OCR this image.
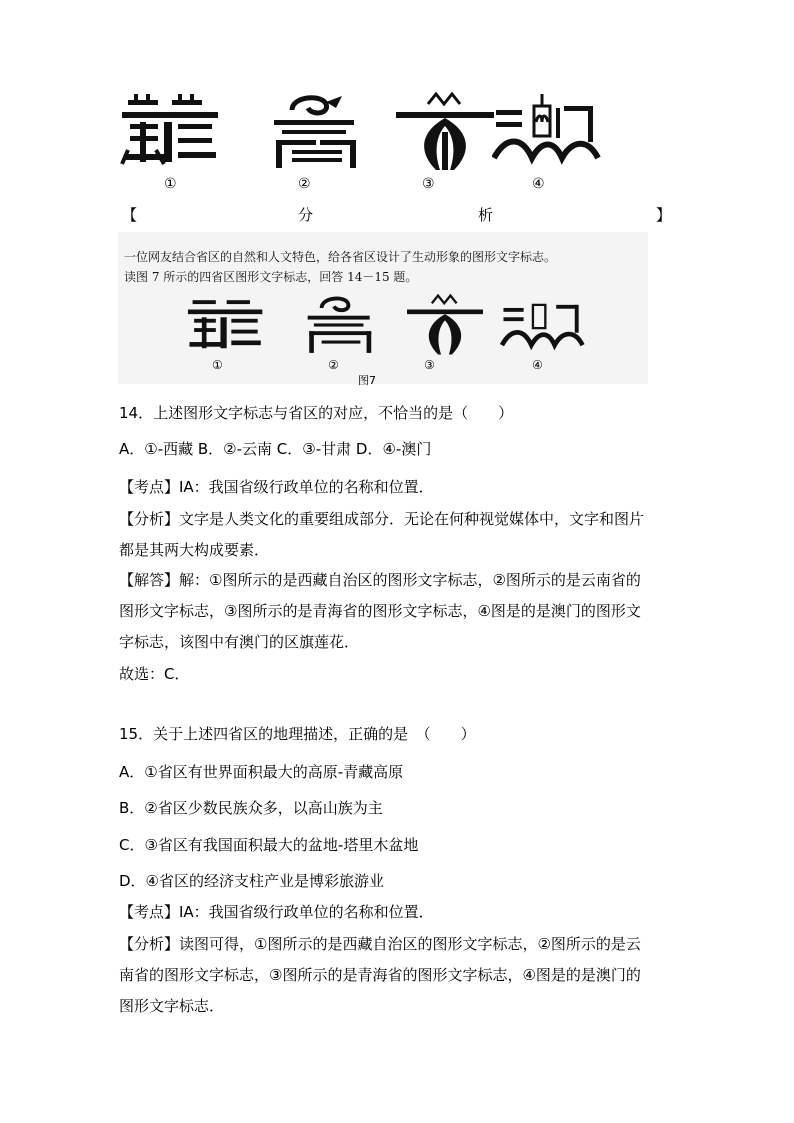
①	②	③	④
【	分	析	】
一位网友结合省区的自然和人文特色，给各省区设计了生动形象的图形文字标志。
读图 7 所示的四省区图形文字标志，回答 14－15 题。
①	②	③	④
图7
14．上述图形文字标志与省区的对应，不恰当的是（　　）
A．①-西藏 B．②-云南 C．③-甘肃 D．④-澳门
【考点】IA：我国省级行政单位的名称和位置．
【分析】文字是人类文化的重要组成部分．无论在何种视觉媒体中，文字和图片
都是其两大构成要素．
【解答】解：①图所示的是西藏自治区的图形文字标志，②图所示的是云南省的
图形文字标志，③图所示的是青海省的图形文字标志，④图是的是澳门的图形文
字标志，该图中有澳门的区旗莲花．
故选：C．
15．关于上述四省区的地理描述，正确的是　（　　）
A．①省区有世界面积最大的高原-青藏高原
B．②省区少数民族众多，以高山族为主
C．③省区有我国面积最大的盆地-塔里木盆地
D．④省区的经济支柱产业是博彩旅游业
【考点】IA：我国省级行政单位的名称和位置．
【分析】读图可得，①图所示的是西藏自治区的图形文字标志，②图所示的是云
南省的图形文字标志，③图所示的是青海省的图形文字标志，④图是的是澳门的
图形文字标志．
